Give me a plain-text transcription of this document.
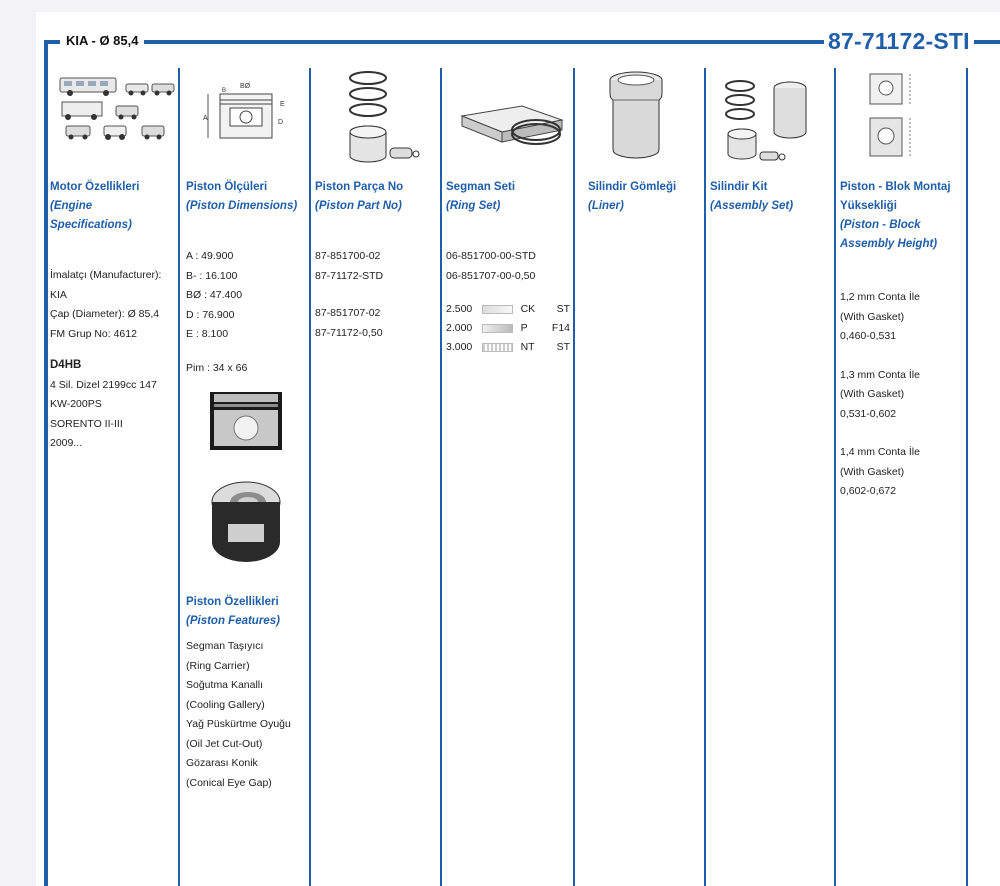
KIA - Ø 85,4	87-71172-STI
A
D
E
BØ
B
Motor Özellikleri
(Engine Specifications)
İmalatçı (Manufacturer):
KIA
Çap (Diameter): Ø 85,4
FM Grup No: 4612
D4HB
4 Sil. Dizel 2199cc 147
KW-200PS
SORENTO II-III
2009...
Piston Ölçüleri
(Piston Dimensions)
A : 49.900
B- : 16.100
BØ : 47.400
D : 76.900
E : 8.100
Pim : 34 x 66
Piston Özellikleri
(Piston Features)
Segman Taşıyıcı
(Ring Carrier)
Soğutma Kanallı
(Cooling Gallery)
Yağ Püskürtme Oyuğu
(Oil Jet Cut-Out)
Gözarası Konik
(Conical Eye Gap)
Piston Parça No
(Piston Part No)
87-851700-02
87-71172-STD
87-851707-02
87-71172-0,50
Segman Seti
(Ring Set)
06-851700-00-STD
06-851707-00-0,50
2.500	CK	ST
2.000	P	F14
3.000	NT	ST
Silindir Gömleği
(Liner)
Silindir Kit
(Assembly Set)
Piston - Blok Montaj
Yüksekliği
(Piston - Block
Assembly Height)
1,2 mm Conta İle
(With Gasket)
0,460-0,531
1,3 mm Conta İle
(With Gasket)
0,531-0,602
1,4 mm Conta İle
(With Gasket)
0,602-0,672
